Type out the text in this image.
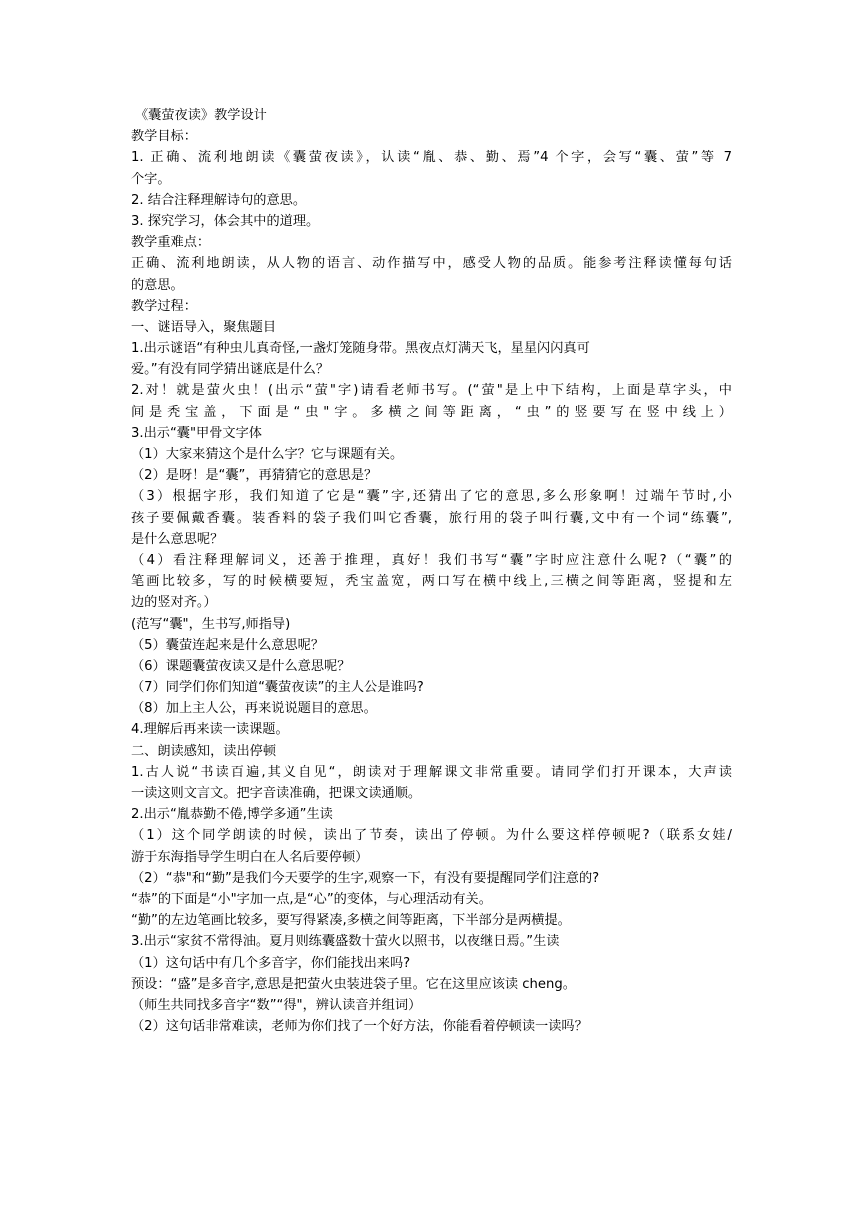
《囊萤夜读》教学设计
教学目标：
1. 正确、流利地朗读《囊萤夜读》，认读“胤、恭、勤、焉”4 个字，会写“囊、萤”等 7
个字。
2. 结合注释理解诗句的意思。
3. 探究学习，体会其中的道理。
教学重难点：
正确、流利地朗读，从人物的语言、动作描写中，感受人物的品质。能参考注释读懂每句话
的意思。
教学过程：
一、谜语导入，聚焦题目
1.出示谜语“有种虫儿真奇怪,一盏灯笼随身带。黑夜点灯满天飞，星星闪闪真可
爱。”有没有同学猜出谜底是什么？
2.对！就是萤火虫！(出示“萤"字)请看老师书写。(“萤"是上中下结构，上面是草字头，中
间是秃宝盖，下面是“虫"字。多横之间等距离，“虫”的竖要写在竖中线上）
3.出示“囊"甲骨文字体
（1）大家来猜这个是什么字？它与课题有关。
（2）是呀！是“囊”，再猜猜它的意思是？
（3）根据字形，我们知道了它是“囊”字,还猜出了它的意思,多么形象啊！过端午节时,小
孩子要佩戴香囊。装香料的袋子我们叫它香囊，旅行用的袋子叫行囊,文中有一个词“练囊”,
是什么意思呢？
（4）看注释理解词义，还善于推理，真好！我们书写“囊”字时应注意什么呢?（“囊”的
笔画比较多，写的时候横要短，秃宝盖宽，两口写在横中线上,三横之间等距离，竖提和左
边的竖对齐。）
(范写“囊"，生书写,师指导)
（5）囊萤连起来是什么意思呢？
（6）课题囊萤夜读又是什么意思呢？
（7）同学们你们知道“囊萤夜读”的主人公是谁吗?
（8）加上主人公，再来说说题目的意思。
4.理解后再来读一读课题。
二、朗读感知，读出停顿
1.古人说“书读百遍,其义自见“，朗读对于理解课文非常重要。请同学们打开课本，大声读
一读这则文言文。把字音读准确，把课文读通顺。
2.出示“胤恭勤不倦,博学多通”生读
（1）这个同学朗读的时候，读出了节奏，读出了停顿。为什么要这样停顿呢?（联系女娃/
游于东海指导学生明白在人名后要停顿）
（2）“恭"和“勤”是我们今天要学的生字,观察一下，有没有要提醒同学们注意的?
“恭”的下面是“小"字加一点,是“心”的变体，与心理活动有关。
“勤”的左边笔画比较多，要写得紧凑,多横之间等距离，下半部分是两横提。
3.出示“家贫不常得油。夏月则练囊盛数十萤火以照书，以夜继日焉。”生读
（1）这句话中有几个多音字，你们能找出来吗?
预设：“盛”是多音字,意思是把萤火虫装进袋子里。它在这里应该读 cheng。
（师生共同找多音字“数”“得"，辨认读音并组词）
（2）这句话非常难读，老师为你们找了一个好方法，你能看着停顿读一读吗？
